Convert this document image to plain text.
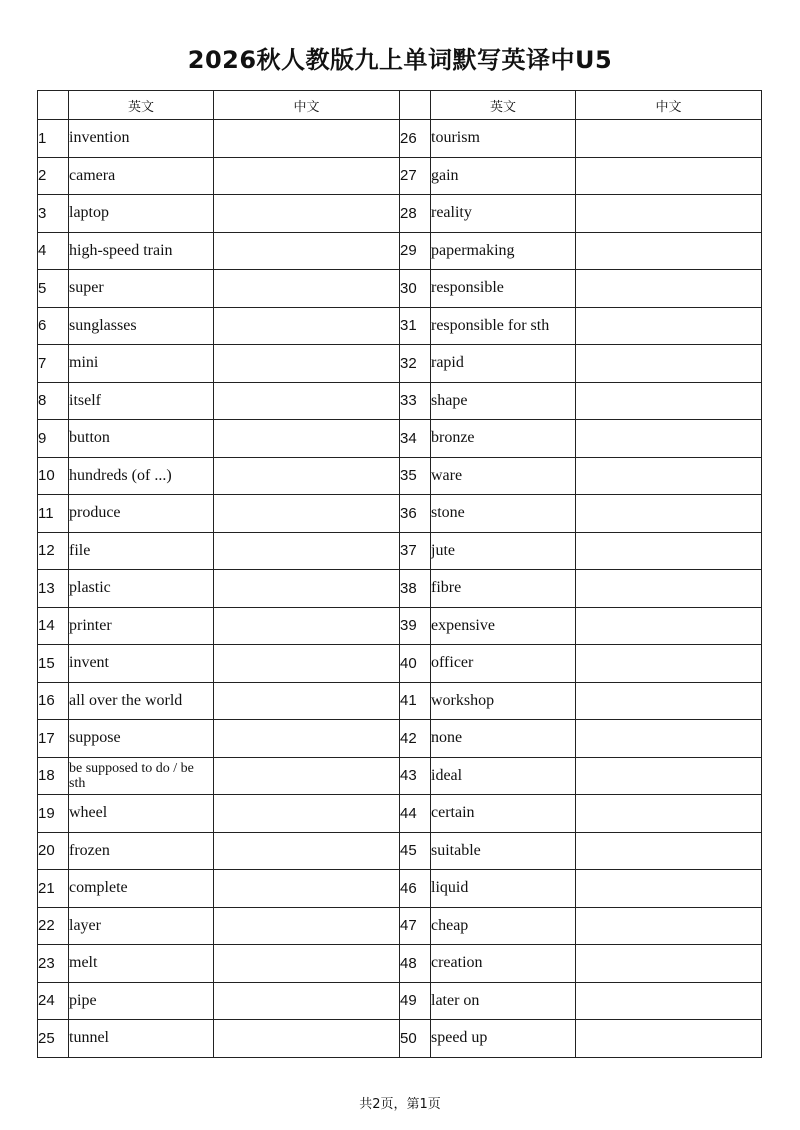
2026秋人教版九上单词默写英译中U5
	英文	中文		英文	中文
1	invention		26	tourism	
2	camera		27	gain	
3	laptop		28	reality	
4	high-speed train		29	papermaking	
5	super		30	responsible	
6	sunglasses		31	responsible for sth	
7	mini		32	rapid	
8	itself		33	shape	
9	button		34	bronze	
10	hundreds (of ...)		35	ware	
11	produce		36	stone	
12	file		37	jute	
13	plastic		38	fibre	
14	printer		39	expensive	
15	invent		40	officer	
16	all over the world		41	workshop	
17	suppose		42	none	
18	be supposed to do / be sth		43	ideal	
19	wheel		44	certain	
20	frozen		45	suitable	
21	complete		46	liquid	
22	layer		47	cheap	
23	melt		48	creation	
24	pipe		49	later on	
25	tunnel		50	speed up	
共2页，第1页
